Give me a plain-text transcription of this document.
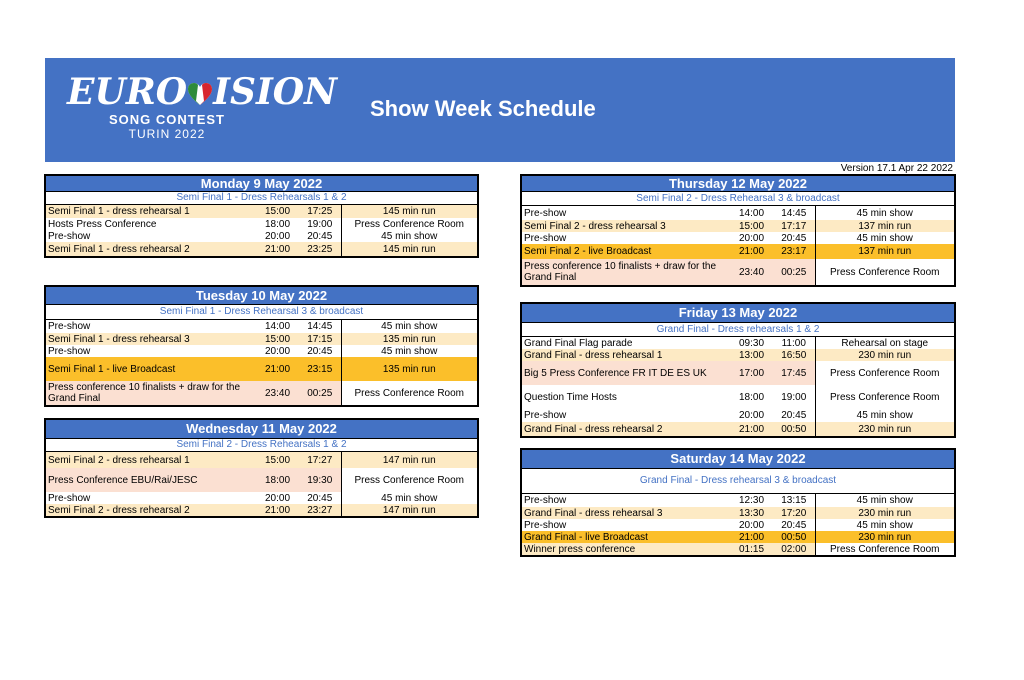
EURO ISION
SONG CONTEST
TURIN 2022
Show Week Schedule
Version 17.1 Apr 22 2022
Monday 9 May 2022
Semi Final 1 - Dress Rehearsals 1 & 2
Semi Final 1 - dress rehearsal 1	15:00	17:25	145 min run
Hosts Press Conference	18:00	19:00	Press Conference Room
Pre-show	20:00	20:45	45 min show
Semi Final 1 - dress rehearsal 2	21:00	23:25	145 min run
Tuesday 10 May 2022
Semi Final 1 - Dress Rehearsal 3 & broadcast
Pre-show	14:00	14:45	45 min show
Semi Final 1 - dress rehearsal 3	15:00	17:15	135 min run
Pre-show	20:00	20:45	45 min show
Semi Final 1 - live Broadcast	21:00	23:15	135 min run
Press conference 10 finalists + draw for the Grand Final	23:40	00:25	Press Conference Room
Wednesday 11 May 2022
Semi Final 2 - Dress Rehearsals 1 & 2
Semi Final 2 - dress rehearsal 1	15:00	17:27	147 min run
Press Conference EBU/Rai/JESC	18:00	19:30	Press Conference Room
Pre-show	20:00	20:45	45 min show
Semi Final 2 - dress rehearsal 2	21:00	23:27	147 min run
Thursday 12 May 2022
Semi Final 2 - Dress Rehearsal 3 & broadcast
Pre-show	14:00	14:45	45 min show
Semi Final 2 - dress rehearsal 3	15:00	17:17	137 min run
Pre-show	20:00	20:45	45 min show
Semi Final 2 - live Broadcast	21:00	23:17	137 min run
Press conference 10 finalists + draw for the Grand Final	23:40	00:25	Press Conference Room
Friday 13 May 2022
Grand Final - Dress rehearsals 1 & 2
Grand Final Flag parade	09:30	11:00	Rehearsal on stage
Grand Final - dress rehearsal 1	13:00	16:50	230 min run
Big 5 Press Conference FR IT DE ES UK	17:00	17:45	Press Conference Room
Question Time Hosts	18:00	19:00	Press Conference Room
Pre-show	20:00	20:45	45 min show
Grand Final - dress rehearsal 2	21:00	00:50	230 min run
Saturday 14 May 2022
Grand Final - Dress rehearsal 3 & broadcast
Pre-show	12:30	13:15	45 min show
Grand Final - dress rehearsal 3	13:30	17:20	230 min run
Pre-show	20:00	20:45	45 min show
Grand Final - live Broadcast	21:00	00:50	230 min run
Winner press conference	01:15	02:00	Press Conference Room
